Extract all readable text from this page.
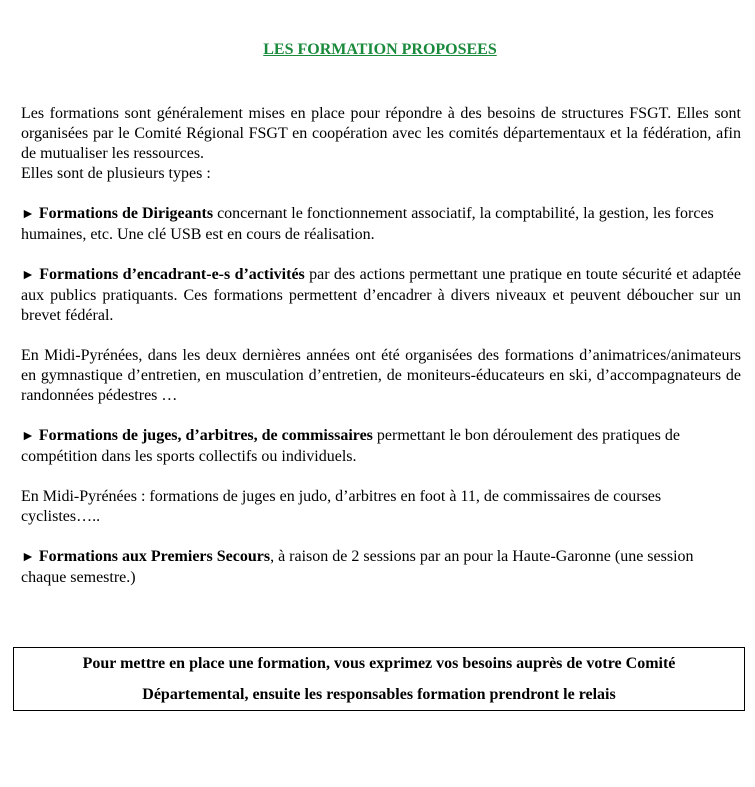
LES FORMATION PROPOSEES

Les formations sont généralement mises en place pour répondre à des besoins de structures FSGT. Elles sont organisées par le Comité Régional FSGT en coopération avec les comités départementaux et la fédération, afin de mutualiser les ressources.

Elles sont de plusieurs types :

► Formations de Dirigeants concernant le fonctionnement associatif, la comptabilité, la gestion, les forces humaines, etc. Une clé USB est en cours de réalisation.

► Formations d’encadrant-e-s d’activités par des actions permettant une pratique en toute sécurité et adaptée aux publics pratiquants. Ces formations permettent d’encadrer à divers niveaux et peuvent déboucher sur un brevet fédéral.

En Midi-Pyrénées, dans les deux dernières années ont été organisées des formations d’animatrices/animateurs en gymnastique d’entretien, en musculation d’entretien, de moniteurs-éducateurs en ski, d’accompagnateurs de randonnées pédestres …

► Formations de juges, d’arbitres, de commissaires permettant le bon déroulement des pratiques de compétition dans les sports collectifs ou individuels.

En Midi-Pyrénées : formations de juges en judo, d’arbitres en foot à 11, de commissaires de courses cyclistes…..

► Formations aux Premiers Secours, à raison de 2 sessions par an pour la Haute-Garonne (une session chaque semestre.)

Pour mettre en place une formation, vous exprimez vos besoins auprès de votre Comité
Départemental, ensuite les responsables formation prendront le relais
